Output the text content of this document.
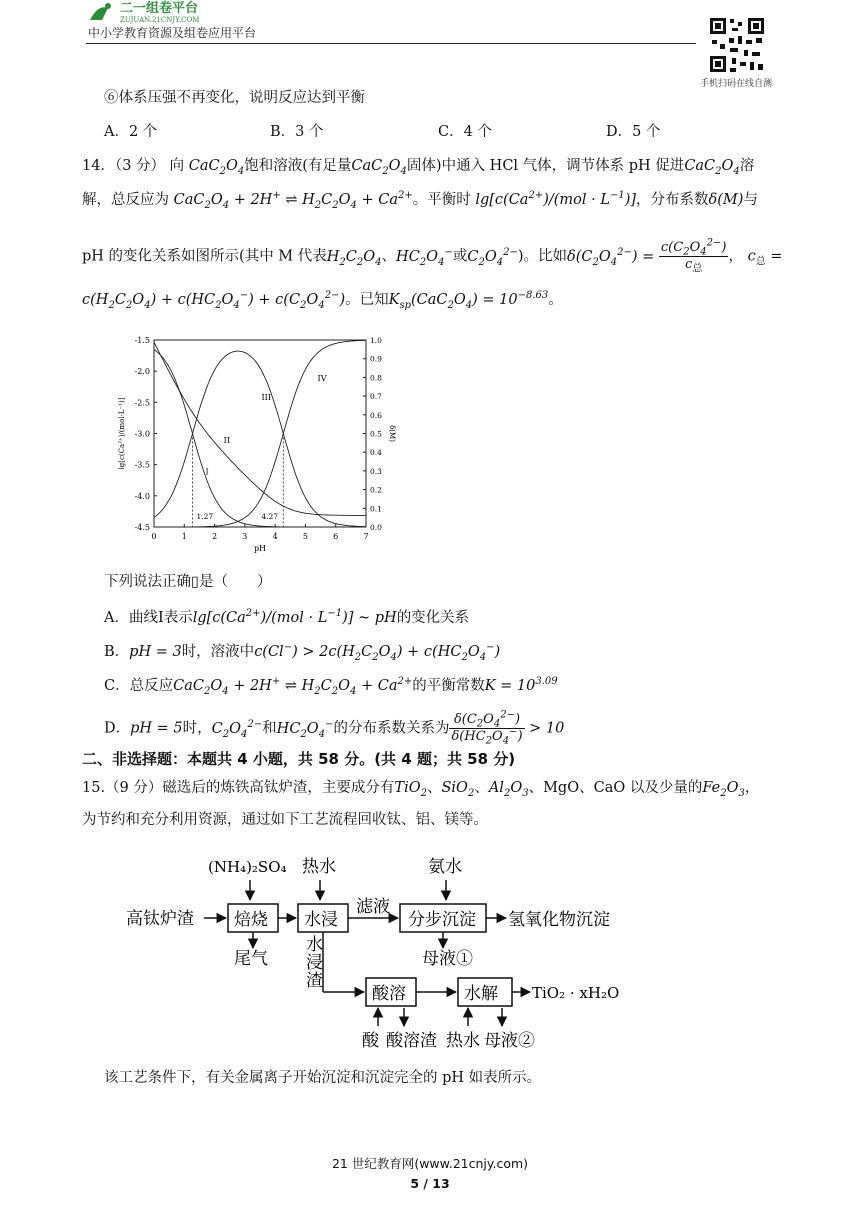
二一组卷平台
ZUJUAN.21CNJY.COM
中小学教育资源及组卷应用平台
手机扫码在线自测
⑥体系压强不再变化，说明反应达到平衡
A．2 个	B．3 个	C．4 个	D．5 个
14．（3 分） 向 $CaC_2O_4$饱和溶液(有足量$CaC_2O_4$固体)中通入 HCl 气体，调节体系 pH 促进$CaC_2O_4$溶
解，总反应为 $CaC_2O_4 + 2H^+$ ⇌ $H_2C_2O_4 + Ca^{2+}$。平衡时 $\lg[c(Ca^{2+})/(mol \cdot L^{-1})]$，分布系数δ(M)与
pH 的变化关系如图所示(其中 M 代表$H_2C_2O_4$、$HC_2O_4^-$或$C_2O_4^{2-}$)。比如$\delta(C_2O_4^{2-}) = \frac{c(C_2O_4^{2-})}{c_总}$ ， $c_总$ =
$c(H_2C_2O_4) + c(HC_2O_4^-) + c(C_2O_4^{2-})$。已知$K_{sp}(CaC_2O_4) = 10^{-8.63}$。
0	1	2	3	4	5	6	7
-1.5
-2.0
-2.5
-3.0
-3.5
-4.0
-4.5
1.0
0.9
0.8
0.7
0.6
0.5
0.4
0.3
0.2
0.1
0.0
pH
lg[c(Ca²⁺)/(mol·L⁻¹)]	δ(M)
1.27	4.27
I
II
III
IV
下列说法正确▯是（　　）
A．曲线Ⅰ表示$\lg[c(Ca^{2+})/(mol \cdot L^{-1})]$ ~ pH的变化关系
B．pH = 3时，溶液中$c(Cl^-) > 2c(H_2C_2O_4) + c(HC_2O_4^-)$
C．总反应$CaC_2O_4 + 2H^+$ ⇌ $H_2C_2O_4 + Ca^{2+}$的平衡常数$K = 10^{3.09}$
D．pH = 5时，$C_2O_4^{2-}$和$HC_2O_4^-$的分布系数关系为 $\frac{\delta(C_2O_4^{2-})}{\delta(HC_2O_4^-)} > 10$
二、非选择题：本题共 4 小题，共 58 分。(共 4 题；共 58 分)
15.（9 分）磁选后的炼铁高钛炉渣，主要成分有TiO$_2$、SiO$_2$、$Al_2O_3$、MgO、CaO 以及少量的$Fe_2O_3$，
为节约和充分利用资源，通过如下工艺流程回收钛、铝、镁等。
(NH₄)₂SO₄ 热水	氨水
高钛炉渣 焙烧 水浸
滤液
分步沉淀 氢氧化物沉淀
尾气	母液①
水
浸
渣
酸溶	水解 TiO₂ · xH₂O
酸 酸溶渣 热水 母液②
该工艺条件下，有关金属离子开始沉淀和沉淀完全的 pH 如表所示。
21 世纪教育网(www.21cnjy.com)
5 / 13
